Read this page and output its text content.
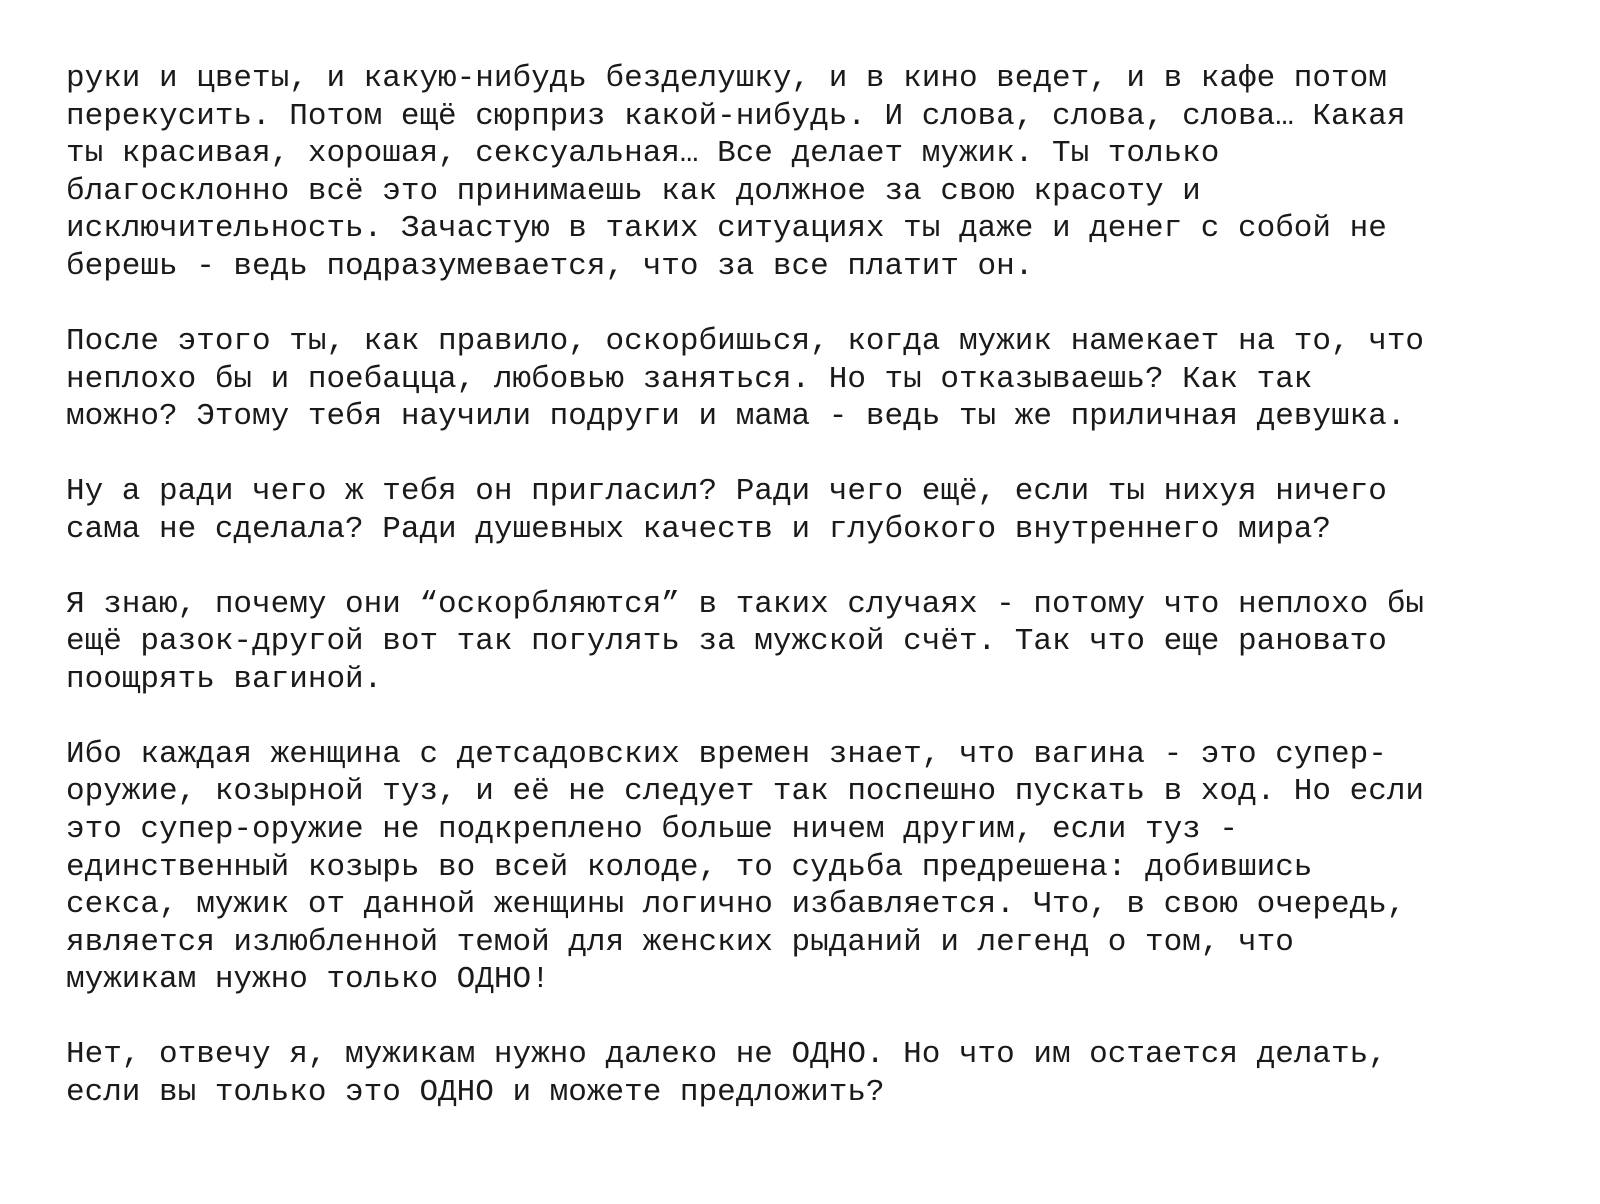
руки и цветы, и какую-нибудь безделушку, и в кино ведет, и в кафе потом
перекусить. Потом ещё сюрприз какой-нибудь. И слова, слова, слова… Какая
ты красивая, хорошая, сексуальная… Все делает мужик. Ты только
благосклонно всё это принимаешь как должное за свою красоту и
исключительность. Зачастую в таких ситуациях ты даже и денег с собой не
берешь - ведь подразумевается, что за все платит он.

После этого ты, как правило, оскорбишься, когда мужик намекает на то, что
неплохо бы и поебацца, любовью заняться. Но ты отказываешь? Как так
можно? Этому тебя научили подруги и мама - ведь ты же приличная девушка.

Ну а ради чего ж тебя он пригласил? Ради чего ещё, если ты нихуя ничего
сама не сделала? Ради душевных качеств и глубокого внутреннего мира?

Я знаю, почему они “оскорбляются” в таких случаях - потому что неплохо бы
ещё разок-другой вот так погулять за мужской счёт. Так что еще рановато
поощрять вагиной.

Ибо каждая женщина с детсадовских времен знает, что вагина - это супер-
оружие, козырной туз, и её не следует так поспешно пускать в ход. Но если
это супер-оружие не подкреплено больше ничем другим, если туз -
единственный козырь во всей колоде, то судьба предрешена: добившись
секса, мужик от данной женщины логично избавляется. Что, в свою очередь,
является излюбленной темой для женских рыданий и легенд о том, что
мужикам нужно только ОДНО!

Нет, отвечу я, мужикам нужно далеко не ОДНО. Но что им остается делать,
если вы только это ОДНО и можете предложить?
